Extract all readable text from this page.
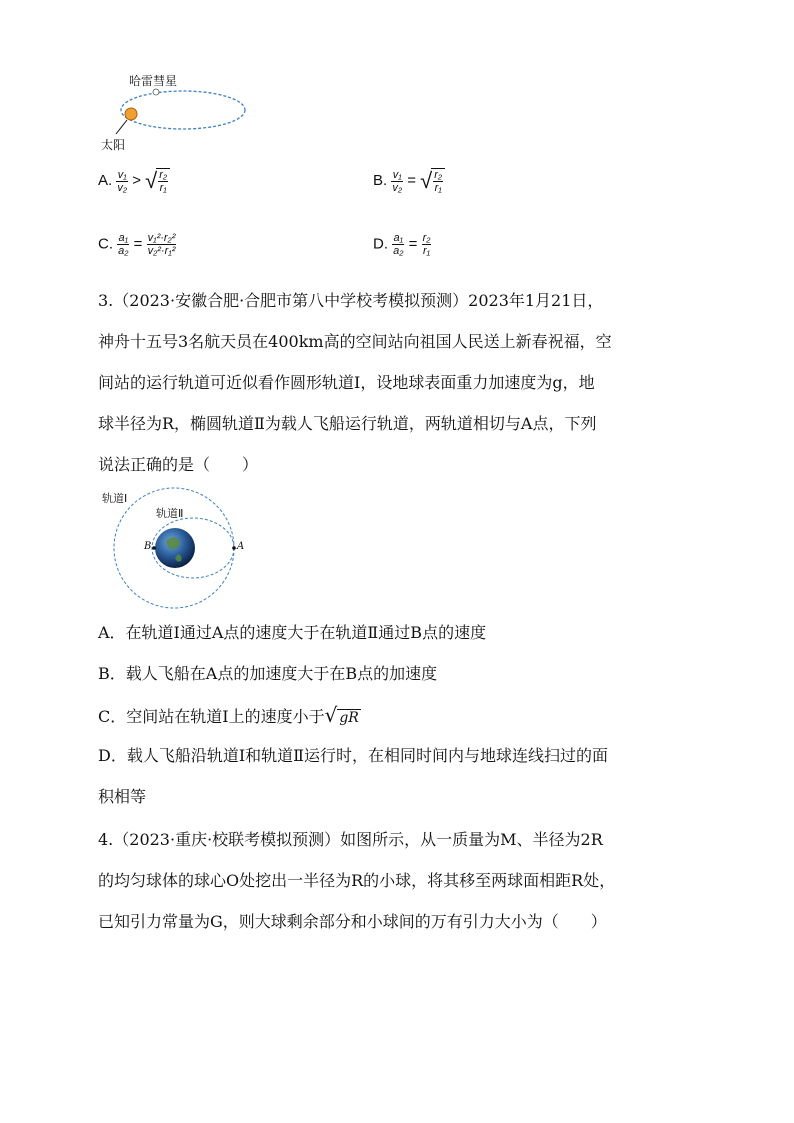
哈雷彗星
太阳
A. $\frac{\text{v₁}}{\text{v₂}}$ > √ $\frac{\text{r₂}}{\text{r₁}}$	B. $\frac{\text{v₁}}{\text{v₂}}$ = √ $\frac{\text{r₂}}{\text{r₁}}$
C. $\frac{\text{a₁}}{\text{a₂}} = \frac{\text{v₁²·r₂²}}{\text{v₂²·r₁²}}$	D. $\frac{\text{a₁}}{\text{a₂}} = \frac{\text{r₂}}{\text{r₁}}$
3.（2023·安徽合肥·合肥市第八中学校考模拟预测）2023年1月21日，
神舟十五号3名航天员在400km高的空间站向祖国人民送上新春祝福，空
间站的运行轨道可近似看作圆形轨道Ⅰ，设地球表面重力加速度为g，地
球半径为R，椭圆轨道Ⅱ为载人飞船运行轨道，两轨道相切与A点，下列
说法正确的是（　　）
轨道Ⅰ
轨道Ⅱ
B	A
A．在轨道Ⅰ通过A点的速度大于在轨道Ⅱ通过B点的速度
B．载人飞船在A点的加速度大于在B点的加速度
C．空间站在轨道Ⅰ上的速度小于√ gR
D．载人飞船沿轨道Ⅰ和轨道Ⅱ运行时，在相同时间内与地球连线扫过的面
积相等
4.（2023·重庆·校联考模拟预测）如图所示，从一质量为M、半径为2R
的均匀球体的球心O处挖出一半径为R的小球，将其移至两球面相距R处，
已知引力常量为G，则大球剩余部分和小球间的万有引力大小为（　　）
